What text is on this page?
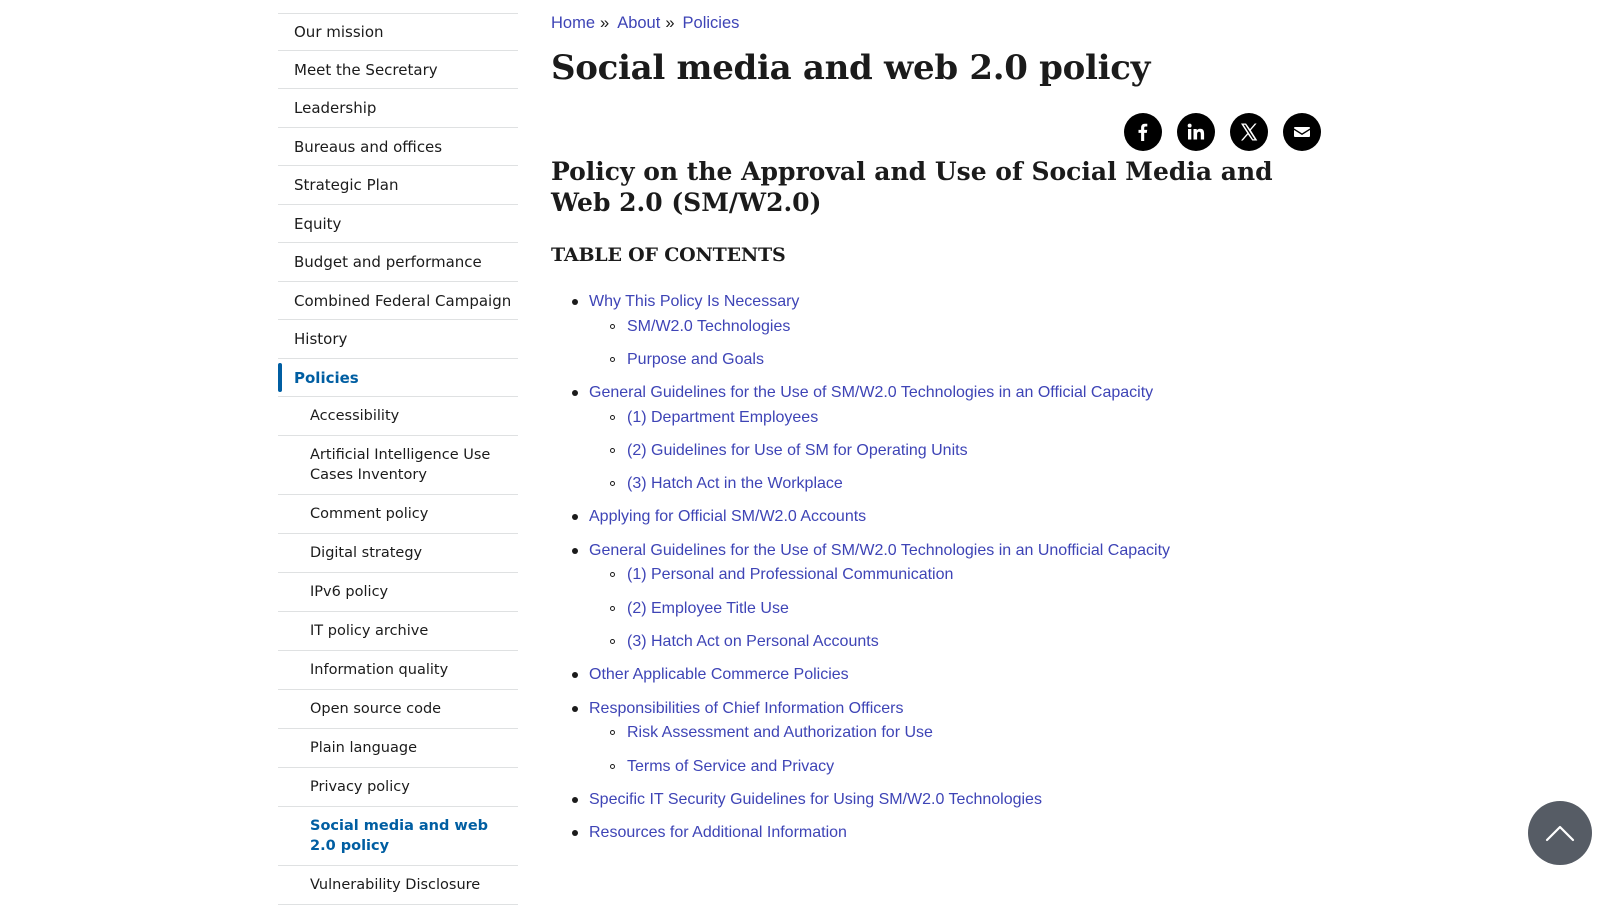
Our mission
Meet the Secretary
Leadership
Bureaus and offices
Strategic Plan
Equity
Budget and performance
Combined Federal Campaign
History
Policies
Accessibility
Artificial Intelligence Use Cases Inventory
Comment policy
Digital strategy
IPv6 policy
IT policy archive
Information quality
Open source code
Plain language
Privacy policy
Social media and web 2.0 policy
Vulnerability Disclosure
Home » About » Policies
Social media and web 2.0 policy
Policy on the Approval and Use of Social Media and Web 2.0 (SM/W2.0)
TABLE OF CONTENTS
Why This Policy Is Necessary
SM/W2.0 Technologies
Purpose and Goals
General Guidelines for the Use of SM/W2.0 Technologies in an Official Capacity
(1) Department Employees
(2) Guidelines for Use of SM for Operating Units
(3) Hatch Act in the Workplace
Applying for Official SM/W2.0 Accounts
General Guidelines for the Use of SM/W2.0 Technologies in an Unofficial Capacity
(1) Personal and Professional Communication
(2) Employee Title Use
(3) Hatch Act on Personal Accounts
Other Applicable Commerce Policies
Responsibilities of Chief Information Officers
Risk Assessment and Authorization for Use
Terms of Service and Privacy
Specific IT Security Guidelines for Using SM/W2.0 Technologies
Resources for Additional Information
